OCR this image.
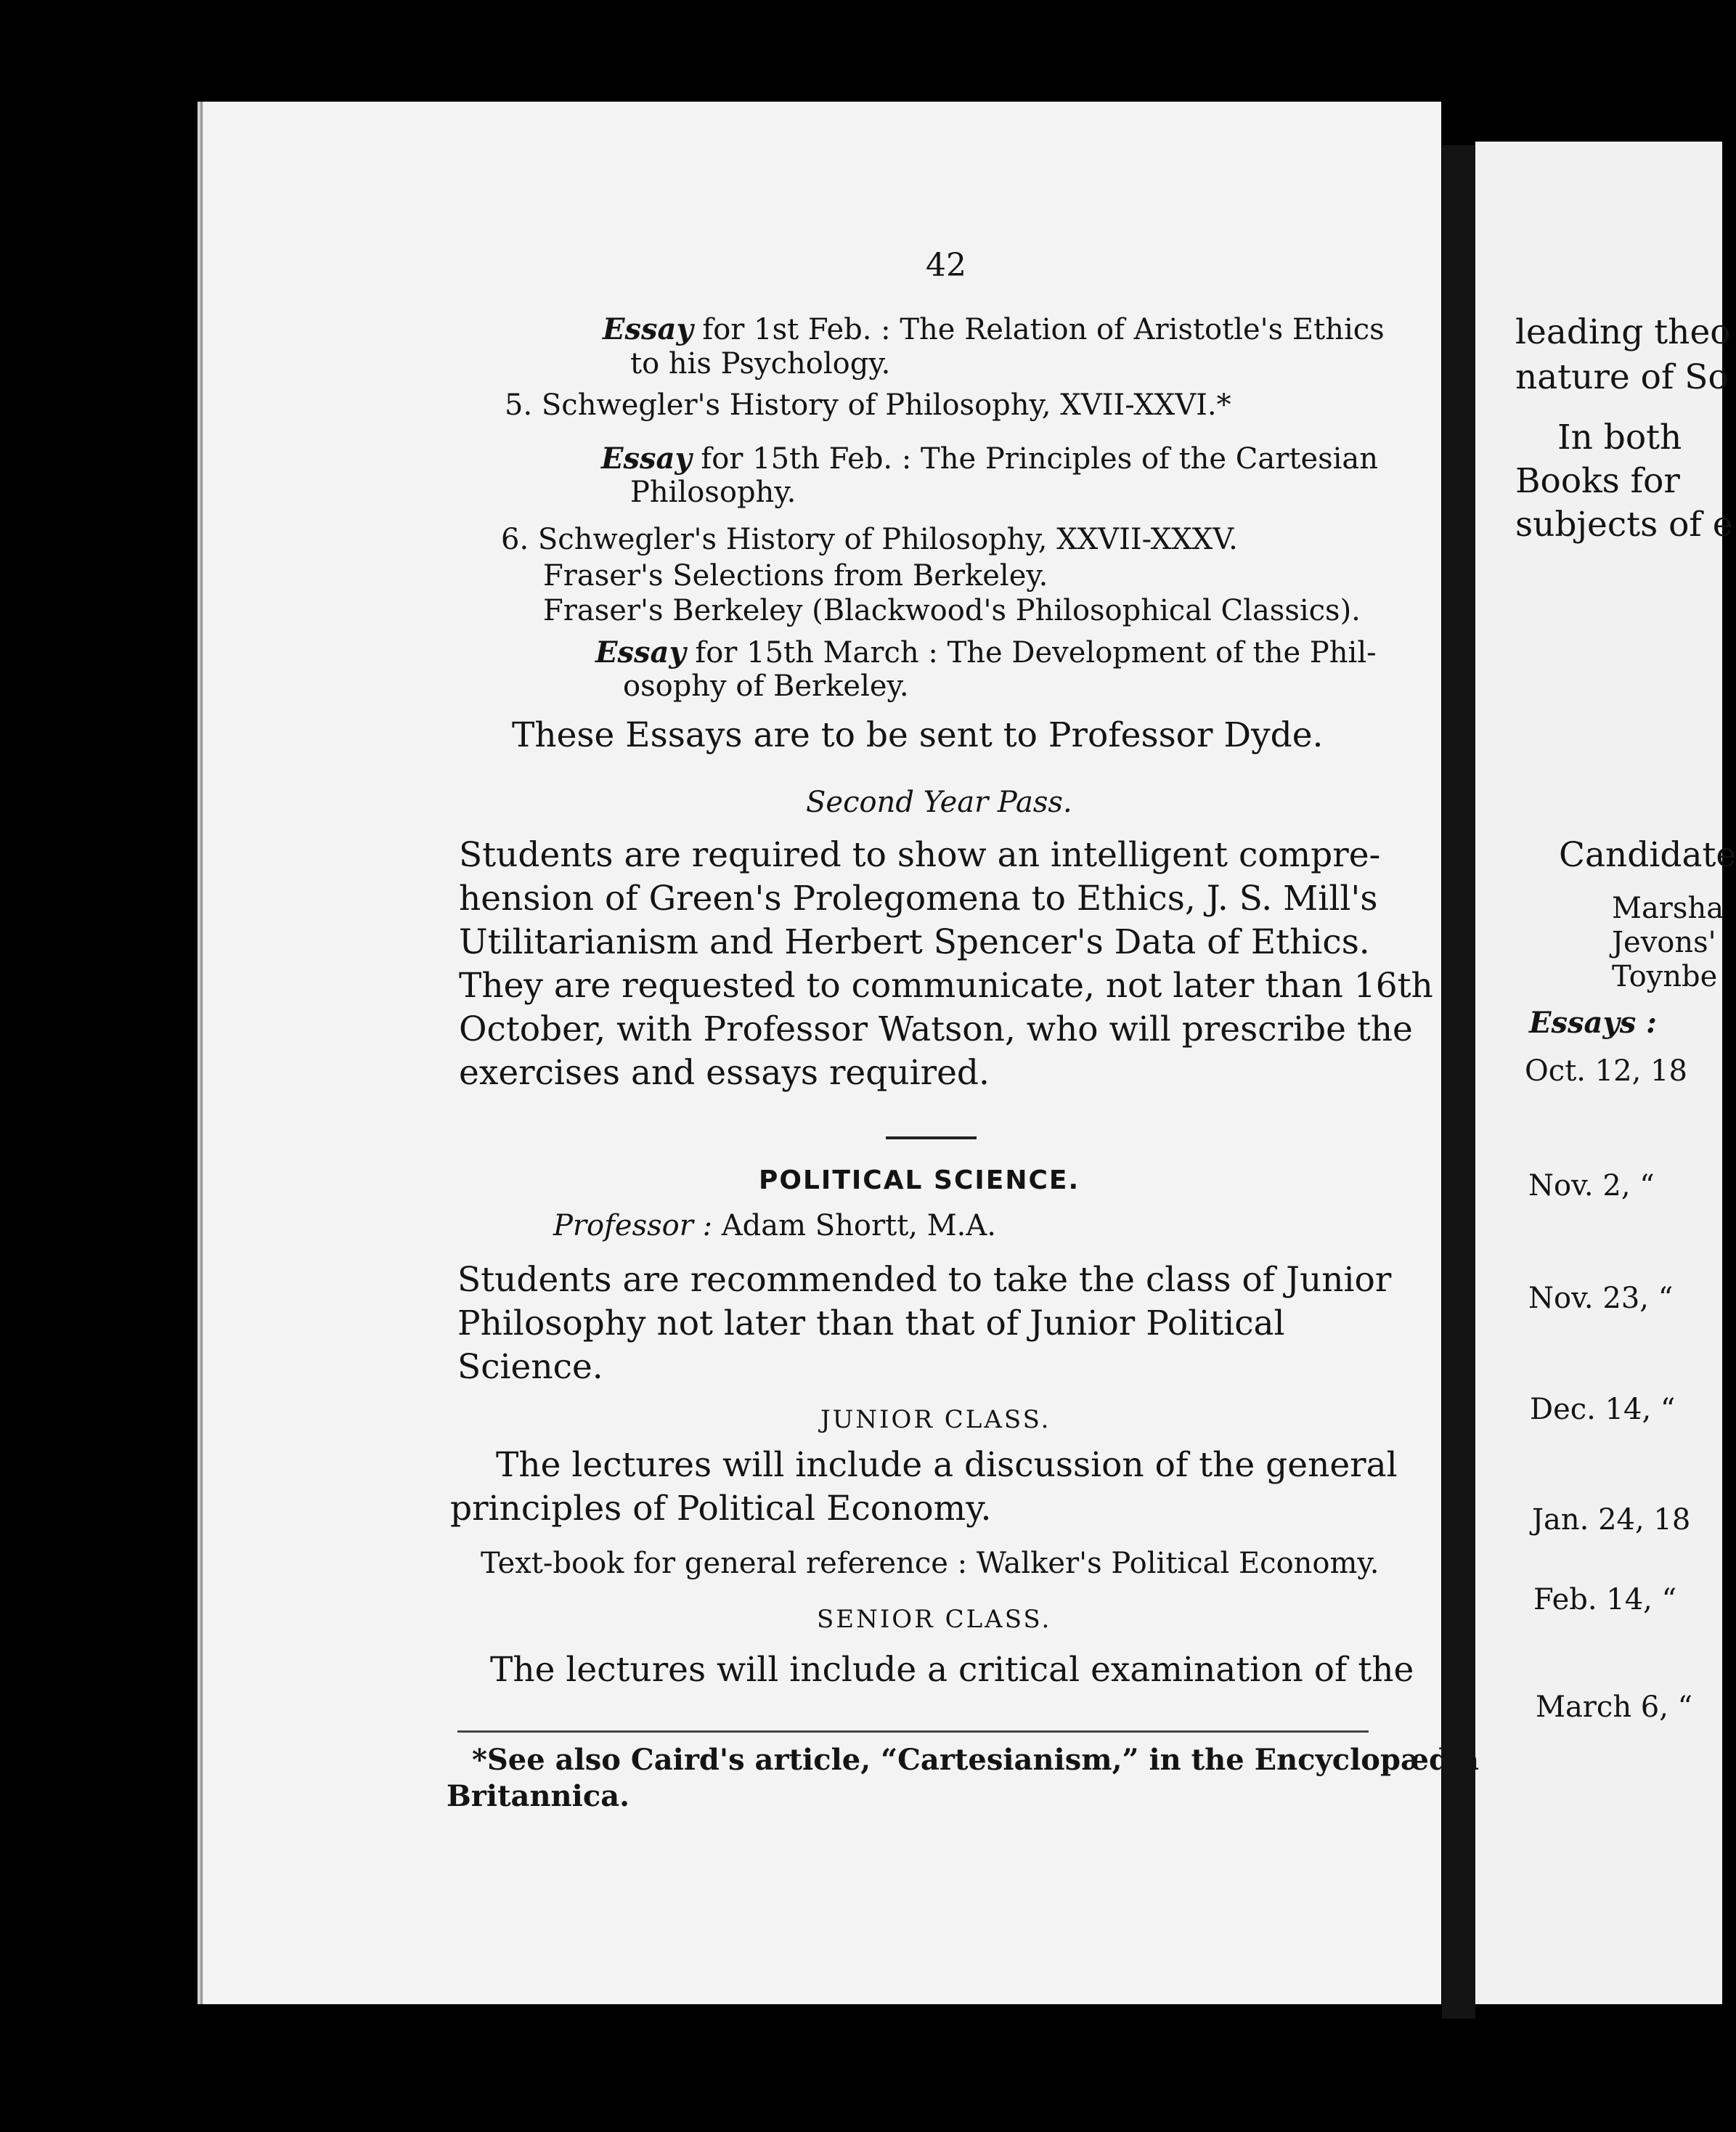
42
Essay for 1st Feb. : The Relation of Aristotle's Ethics
to his Psychology.
5. Schwegler's History of Philosophy, XVII-XXVI.*
Essay for 15th Feb. : The Principles of the Cartesian
Philosophy.
6. Schwegler's History of Philosophy, XXVII-XXXV.
Fraser's Selections from Berkeley.
Fraser's Berkeley (Blackwood's Philosophical Classics).
Essay for 15th March : The Development of the Phil-
osophy of Berkeley.
These Essays are to be sent to Professor Dyde.
Second Year Pass.
Students are required to show an intelligent compre-
hension of Green's Prolegomena to Ethics, J. S. Mill's
Utilitarianism and Herbert Spencer's Data of Ethics.
They are requested to communicate, not later than 16th
October, with Professor Watson, who will prescribe the
exercises and essays required.
POLITICAL SCIENCE.
Professor : Adam Shortt, M.A.
Students are recommended to take the class of Junior
Philosophy not later than that of Junior Political
Science.
JUNIOR CLASS.
The lectures will include a discussion of the general
principles of Political Economy.
Text-book for general reference : Walker's Political Economy.
SENIOR CLASS.
The lectures will include a critical examination of the
*See also Caird's article, “Cartesianism,” in the Encyclopædia
Britannica.
leading theo
nature of So
In both
Books for
subjects of e
Candidate
Marsha
Jevons'
Toynbe
Essays :
Oct. 12, 18
Nov. 2, “
Nov. 23, “
Dec. 14, “
Jan. 24, 18
Feb. 14, “
March 6, “
